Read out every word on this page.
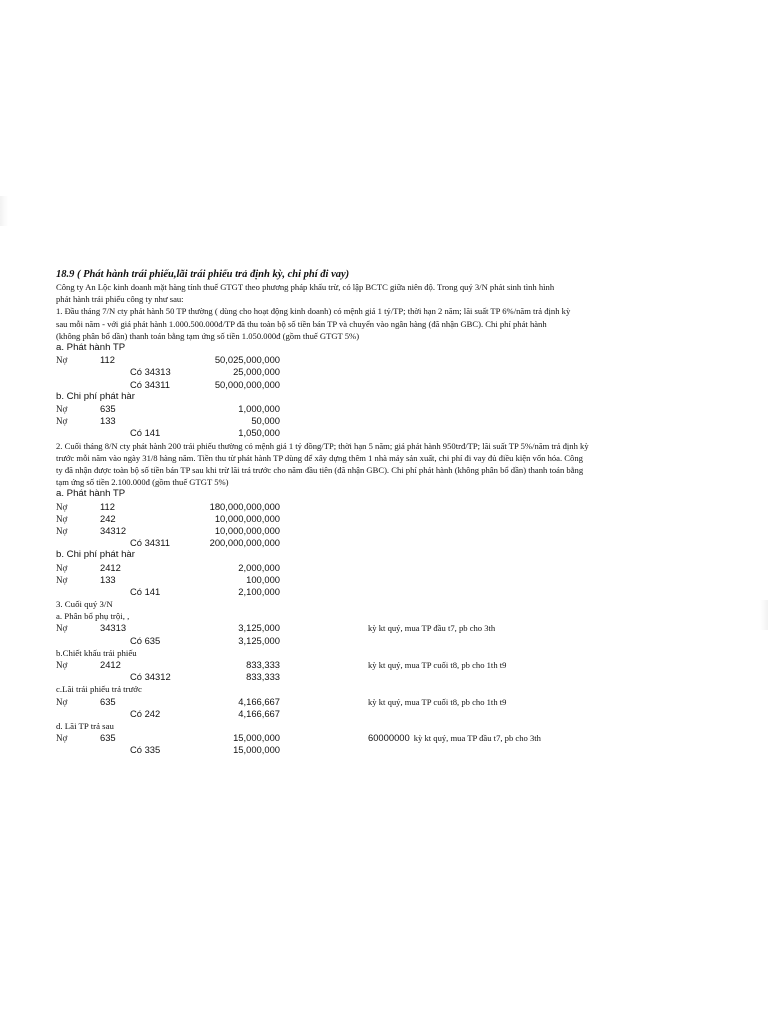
18.9 ( Phát hành trái phiếu,lãi trái phiếu trả định kỳ, chi phí đi vay)

Công ty An Lộc kinh doanh mặt hàng tính thuế GTGT theo phương pháp khấu trừ, có lập BCTC giữa niên độ. Trong quý 3/N phát sinh tình hình

phát hành trái phiếu công ty như sau:

1. Đầu tháng 7/N cty phát hành 50 TP thường ( dùng cho hoạt động kinh doanh) có mệnh giá 1 tỷ/TP; thời hạn 2 năm; lãi suất TP 6%/năm trả định kỳ

sau mỗi năm - với giá phát hành 1.000.500.000đ/TP đã thu toàn bộ số tiền bán TP và chuyển vào ngân hàng (đã nhận GBC). Chi phí phát hành

(không phân bổ dần) thanh toán bằng tạm ứng số tiền 1.050.000đ (gồm thuế GTGT 5%)

a. Phát hành TP

Nợ	112	50,025,000,000
Có 34313	25,000,000
Có 34311	50,000,000,000

b. Chi phí phát hàr

Nợ	635	1,000,000
Nợ	133	50,000
Có 141	1,050,000

2. Cuối tháng 8/N cty phát hành 200 trái phiếu thường có mệnh giá 1 tỷ đồng/TP; thời hạn 5 năm; giá phát hành 950trđ/TP; lãi suất TP 5%/năm trả định kỳ

trước mỗi năm vào ngày 31/8 hàng năm. Tiền thu từ phát hành TP dùng để xây dựng thêm 1 nhà máy sản xuất, chi phí đi vay đủ điều kiện vốn hóa. Công

ty đã nhận được toàn bộ số tiền bán TP sau khi trừ lãi trả trước cho năm đầu tiên (đã nhận GBC). Chi phí phát hành (không phân bổ dần) thanh toán bằng

tạm ứng số tiền 2.100.000đ (gồm thuế GTGT 5%)

a. Phát hành TP

Nợ	112	180,000,000,000
Nợ	242	10,000,000,000
Nợ	34312	10,000,000,000
Có 34311	200,000,000,000

b. Chi phí phát hàr

Nợ	2412	2,000,000
Nợ	133	100,000
Có 141	2,100,000

3. Cuối quý 3/N

a. Phân bổ phụ trội, ,

Nợ	34313	3,125,000	kỳ kt quý, mua TP đầu t7, pb cho 3th
Có 635	3,125,000

b.Chiết khấu trái phiếu

Nợ	2412	833,333	kỳ kt quý, mua TP cuối t8, pb cho 1th t9
Có 34312	833,333

c.Lãi trái phiếu trả trước

Nợ	635	4,166,667	kỳ kt quý, mua TP cuối t8, pb cho 1th t9
Có 242	4,166,667

d. Lãi TP trả sau

Nợ	635	15,000,000	60000000 kỳ kt quý, mua TP đầu t7, pb cho 3th
Có 335	15,000,000
